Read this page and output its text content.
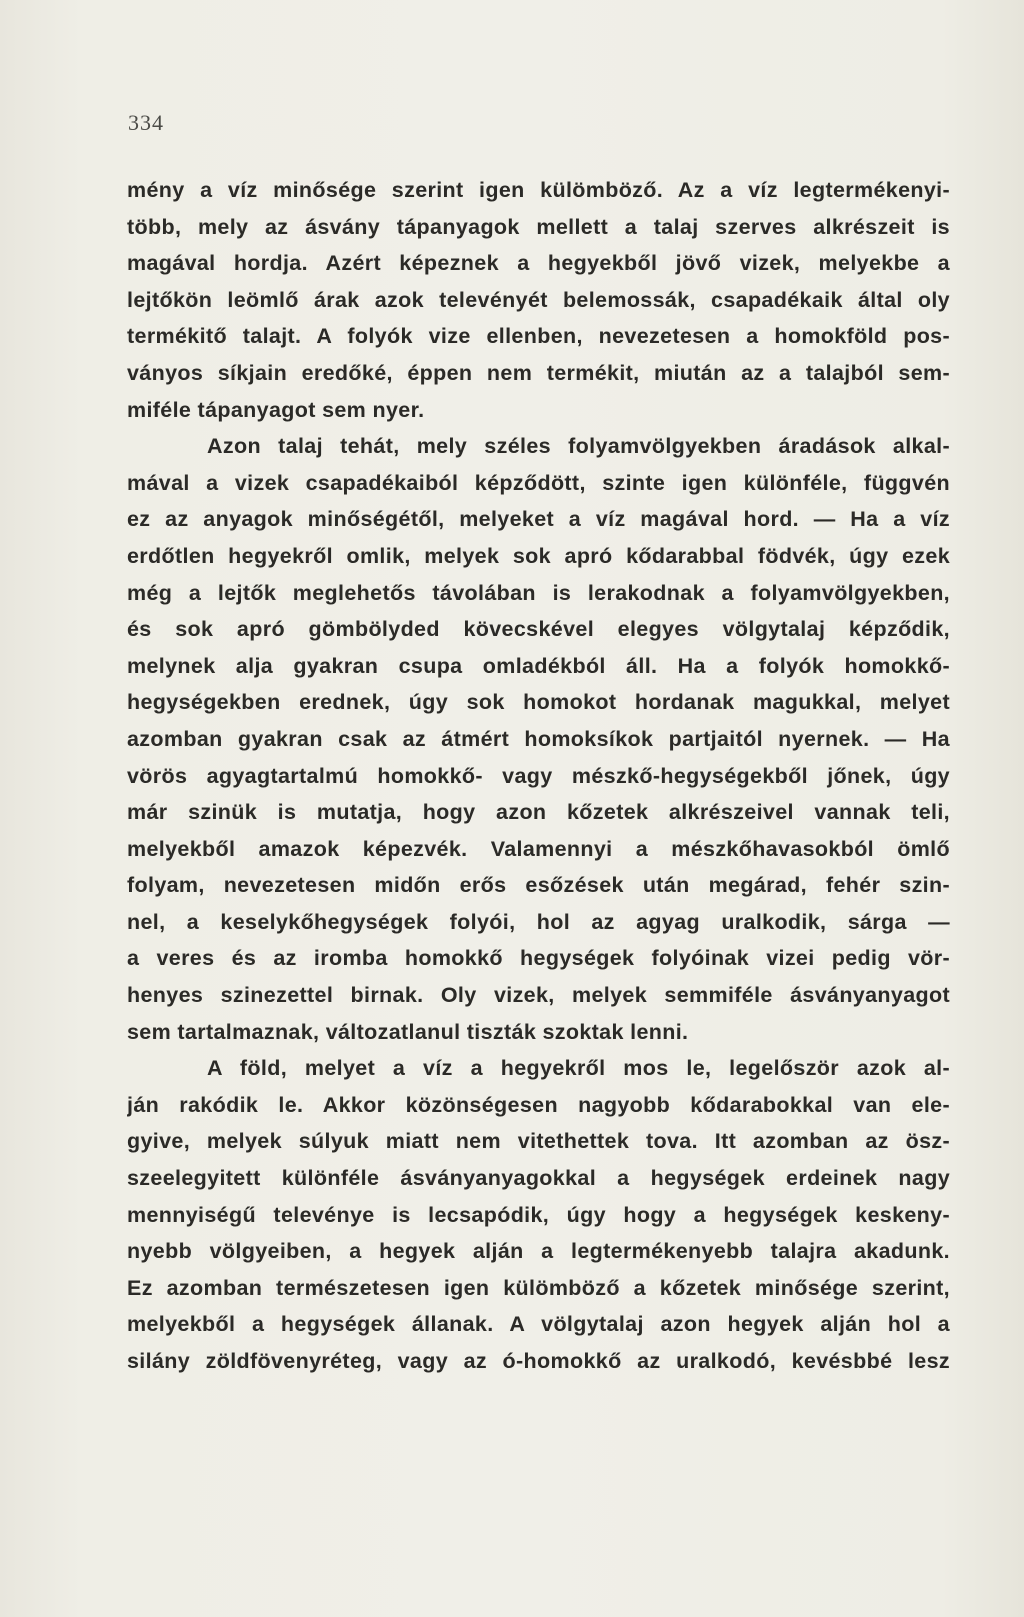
334
mény a víz minősége szerint igen külömböző. Az a víz legtermékenyi-
több, mely az ásvány tápanyagok mellett a talaj szerves alkrészeit is
magával hordja. Azért képeznek a hegyekből jövő vizek, melyekbe a
lejtőkön leömlő árak azok televényét belemossák, csapadékaik által oly
termékitő talajt. A folyók vize ellenben, nevezetesen a homokföld pos-
ványos síkjain eredőké, éppen nem termékit, miután az a talajból sem-
miféle tápanyagot sem nyer.
Azon talaj tehát, mely széles folyamvölgyekben áradások alkal-
mával a vizek csapadékaiból képződött, szinte igen különféle, függvén
ez az anyagok minőségétől, melyeket a víz magával hord. — Ha a víz
erdőtlen hegyekről omlik, melyek sok apró kődarabbal födvék, úgy ezek
még a lejtők meglehetős távolában is lerakodnak a folyamvölgyekben,
és sok apró gömbölyded kövecskével elegyes völgytalaj képződik,
melynek alja gyakran csupa omladékból áll. Ha a folyók homokkő-
hegységekben erednek, úgy sok homokot hordanak magukkal, melyet
azomban gyakran csak az átmért homoksíkok partjaitól nyernek. — Ha
vörös agyagtartalmú homokkő- vagy mészkő-hegységekből jőnek, úgy
már szinük is mutatja, hogy azon kőzetek alkrészeivel vannak teli,
melyekből amazok képezvék. Valamennyi a mészkőhavasokból ömlő
folyam, nevezetesen midőn erős esőzések után megárad, fehér szin-
nel, a keselykőhegységek folyói, hol az agyag uralkodik, sárga —
a veres és az iromba homokkő hegységek folyóinak vizei pedig vör-
henyes szinezettel birnak. Oly vizek, melyek semmiféle ásványanyagot
sem tartalmaznak, változatlanul tiszták szoktak lenni.
A föld, melyet a víz a hegyekről mos le, legelőször azok al-
ján rakódik le. Akkor közönségesen nagyobb kődarabokkal van ele-
gyive, melyek súlyuk miatt nem vitethettek tova. Itt azomban az ösz-
szeelegyitett különféle ásványanyagokkal a hegységek erdeinek nagy
mennyiségű televénye is lecsapódik, úgy hogy a hegységek keskeny-
nyebb völgyeiben, a hegyek alján a legtermékenyebb talajra akadunk.
Ez azomban természetesen igen külömböző a kőzetek minősége szerint,
melyekből a hegységek állanak. A völgytalaj azon hegyek alján hol a
silány zöldfövenyréteg, vagy az ó-homokkő az uralkodó, kevésbbé lesz
